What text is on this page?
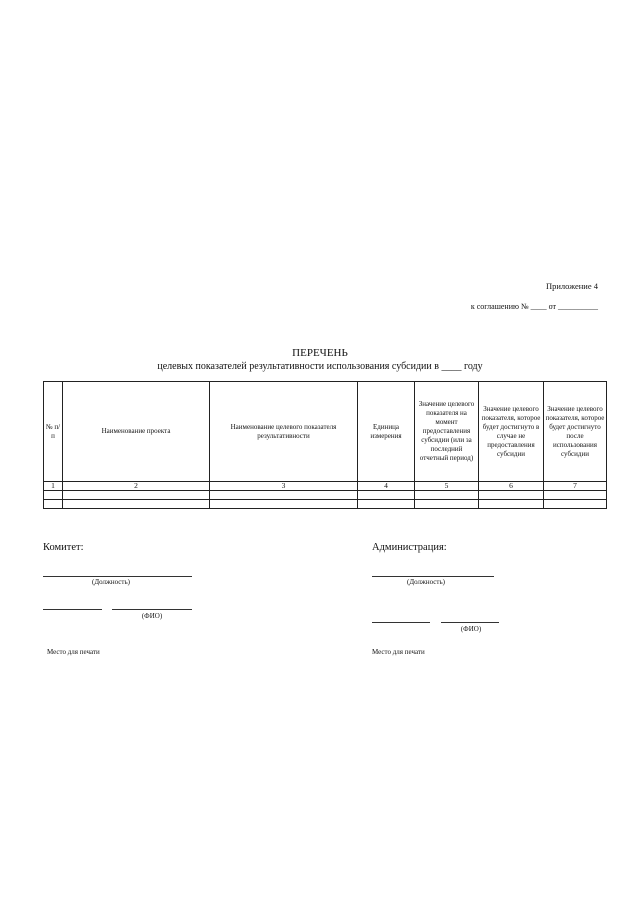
Приложение 4
к соглашению № ____ от __________
ПЕРЕЧЕНЬ
целевых показателей результативности использования субсидии в ____ году
№ п/п	Наименование проекта	Наименование целевого показателя результативности	Единица измерения	Значение целевого показателя на момент предоставления субсидии (или за последний отчетный период)	Значение целевого показателя, которое будет достигнуто в случае не предоставления субсидии	Значение целевого показателя, которое будет достигнуто после использования субсидии
1	2	3	4	5	6	7

Комитет:
(Должность)
(ФИО)
Место для печати
Администрация:
(Должность)
(ФИО)
Место для печати
